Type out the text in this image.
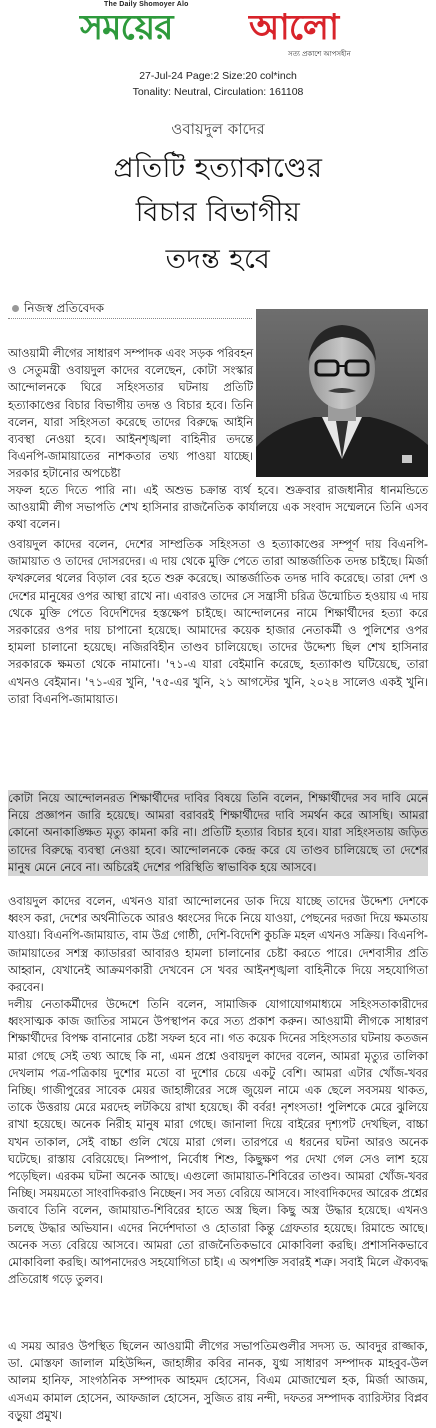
The Daily Shomoyer Alo
সময়ের আলো
সত্য প্রকাশে আপসহীন
27-Jul-24 Page:2 Size:20 col*inch
Tonality: Neutral, Circulation: 161108
ওবায়দুল কাদের
প্রতিটি হত্যাকাণ্ডের
বিচার বিভাগীয়
তদন্ত হবে
নিজস্ব প্রতিবেদক

আওয়ামী লীগের সাধারণ সম্পাদক এবং সড়ক পরিবহন ও সেতুমন্ত্রী ওবায়দুল কাদের বলেছেন, কোটা সংস্কার আন্দোলনকে ঘিরে সহিংসতার ঘটনায় প্রতিটি হত্যাকাণ্ডের বিচার বিভাগীয় তদন্ত ও বিচার হবে। তিনি বলেন, যারা সহিংসতা করেছে তাদের বিরুদ্ধে আইনি ব্যবস্থা নেওয়া হবে। আইনশৃঙ্খলা বাহিনীর তদন্তে বিএনপি-জামায়াতের নাশকতার তথ্য পাওয়া যাচ্ছে। সরকার হটানোর অপচেষ্টা

সফল হতে দিতে পারি না। এই অশুভ চক্রান্ত ব্যর্থ হবে। শুক্রবার রাজধানীর ধানমন্ডিতে আওয়ামী লীগ সভাপতি শেখ হাসিনার রাজনৈতিক কার্যালয়ে এক সংবাদ সম্মেলনে তিনি এসব কথা বলেন।

ওবায়দুল কাদের বলেন, দেশের সাম্প্রতিক সহিংসতা ও হত্যাকাণ্ডের সম্পূর্ণ দায় বিএনপি-জামায়াত ও তাদের দোসরদের। এ দায় থেকে মুক্তি পেতে তারা আন্তর্জাতিক তদন্ত চাইছে। মির্জা ফখরুলের থলের বিড়াল বের হতে শুরু করেছে। আন্তর্জাতিক তদন্ত দাবি করেছে। তারা দেশ ও দেশের মানুষের ওপর আস্থা রাখে না। এবারও তাদের সে সন্ত্রাসী চরিত্র উন্মোচিত হওয়ায় এ দায় থেকে মুক্তি পেতে বিদেশিদের হস্তক্ষেপ চাইছে। আন্দোলনের নামে শিক্ষার্থীদের হত্যা করে সরকারের ওপর দায় চাপানো হয়েছে। আমাদের কয়েক হাজার নেতাকর্মী ও পুলিশের ওপর হামলা চালানো হয়েছে। নজিরবিহীন তাণ্ডব চালিয়েছে। তাদের উদ্দেশ্য ছিল শেখ হাসিনার সরকারকে ক্ষমতা থেকে নামানো। '৭১-এ যারা বেইমানি করেছে, হত্যাকাণ্ড ঘটিয়েছে, তারা এখনও বেইমান। '৭১-এর খুনি, '৭৫-এর খুনি, ২১ আগস্টের খুনি, ২০২৪ সালেও একই খুনি। তারা বিএনপি-জামায়াত।

কোটা নিয়ে আন্দোলনরত শিক্ষার্থীদের দাবির বিষয়ে তিনি বলেন, শিক্ষার্থীদের সব দাবি মেনে নিয়ে প্রজ্ঞাপন জারি হয়েছে। আমরা বরাবরই শিক্ষার্থীদের দাবি সমর্থন করে আসছি। আমরা কোনো অনাকাঙ্ক্ষিত মৃত্যু কামনা করি না। প্রতিটি হত্যার বিচার হবে। যারা সহিংসতায় জড়িত তাদের বিরুদ্ধে ব্যবস্থা নেওয়া হবে। আন্দোলনকে কেন্দ্র করে যে তাণ্ডব চালিয়েছে তা দেশের মানুষ মেনে নেবে না। অচিরেই দেশের পরিস্থিতি স্বাভাবিক হয়ে আসবে।

ওবায়দুল কাদের বলেন, এখনও যারা আন্দোলনের ডাক দিয়ে যাচ্ছে তাদের উদ্দেশ্য দেশকে ধ্বংস করা, দেশের অর্থনীতিকে আরও ধ্বংসের দিকে নিয়ে যাওয়া, পেছনের দরজা দিয়ে ক্ষমতায় যাওয়া। বিএনপি-জামায়াত, বাম উগ্র গোষ্ঠী, দেশি-বিদেশি কুচক্রি মহল এখনও সক্রিয়। বিএনপি-জামায়াতের সশস্ত্র ক্যাডাররা আবারও হামলা চালানোর চেষ্টা করতে পারে। দেশবাসীর প্রতি আহ্বান, যেখানেই আক্রমণকারী দেখবেন সে খবর আইনশৃঙ্খলা বাহিনীকে দিয়ে সহযোগিতা করবেন।

দলীয় নেতাকর্মীদের উদ্দেশে তিনি বলেন, সামাজিক যোগাযোগমাধ্যমে সহিংসতাকারীদের ধ্বংসাত্মক কাজ জাতির সামনে উপস্থাপন করে সত্য প্রকাশ করুন। আওয়ামী লীগকে সাধারণ শিক্ষার্থীদের বিপক্ষ বানানোর চেষ্টা সফল হবে না। গত কয়েক দিনের সহিংসতার ঘটনায় কতজন মারা গেছে সেই তথ্য আছে কি না, এমন প্রশ্নে ওবায়দুল কাদের বলেন, আমরা মৃত্যুর তালিকা দেখলাম পত্র-পত্রিকায় দুশোর মতো বা দুশোর চেয়ে একটু বেশি। আমরা এটার খোঁজ-খবর নিচ্ছি। গাজীপুরের সাবেক মেয়র জাহাঙ্গীরের সঙ্গে জুয়েল নামে এক ছেলে সবসময় থাকত, তাকে উত্তরায় মেরে মরদেহ লটকিয়ে রাখা হয়েছে। কী বর্বর! নৃশংসতা! পুলিশকে মেরে ঝুলিয়ে রাখা হয়েছে। অনেক নিরীহ মানুষ মারা গেছে। জানালা দিয়ে বাইরের দৃশ্যপট দেখছিল, বাচ্চা যখন তাকাল, সেই বাচ্চা গুলি খেয়ে মারা গেল। তারপরে এ ধরনের ঘটনা আরও অনেক ঘটেছে। রাস্তায় বেরিয়েছে। নিষ্পাপ, নির্বোধ শিশু, কিছুক্ষণ পর দেখা গেল সেও লাশ হয়ে পড়েছিল। এরকম ঘটনা অনেক আছে। এগুলো জামায়াত-শিবিরের তাণ্ডব। আমরা খোঁজ-খবর নিচ্ছি। সময়মতো সাংবাদিকরাও নিচ্ছেন। সব সত্য বেরিয়ে আসবে। সাংবাদিকদের আরেক প্রশ্নের জবাবে তিনি বলেন, জামায়াত-শিবিরের হাতে অস্ত্র ছিল। কিছু অস্ত্র উদ্ধার হয়েছে। এখনও চলছে উদ্ধার অভিযান। এদের নির্দেশদাতা ও হোতারা কিন্তু গ্রেফতার হয়েছে। রিমান্ডে আছে। অনেক সত্য বেরিয়ে আসবে। আমরা তো রাজনৈতিকভাবে মোকাবিলা করছি। প্রশাসনিকভাবে মোকাবিলা করছি। আপনাদেরও সহযোগিতা চাই। এ অপশক্তি সবারই শত্রু। সবাই মিলে ঐক্যবদ্ধ প্রতিরোধ গড়ে তুলব।

এ সময় আরও উপস্থিত ছিলেন আওয়ামী লীগের সভাপতিমণ্ডলীর সদস্য ড. আবদুর রাজ্জাক, ডা. মোস্তফা জালাল মহিউদ্দিন, জাহাঙ্গীর কবির নানক, যুগ্ম সাধারণ সম্পাদক মাহবুব-উল আলম হানিফ, সাংগঠনিক সম্পাদক আহমদ হোসেন, বিএম মোজাম্মেল হক, মির্জা আজম, এসএম কামাল হোসেন, আফজাল হোসেন, সুজিত রায় নন্দী, দফতর সম্পাদক ব্যারিস্টার বিপ্লব বড়ুয়া প্রমুখ।
